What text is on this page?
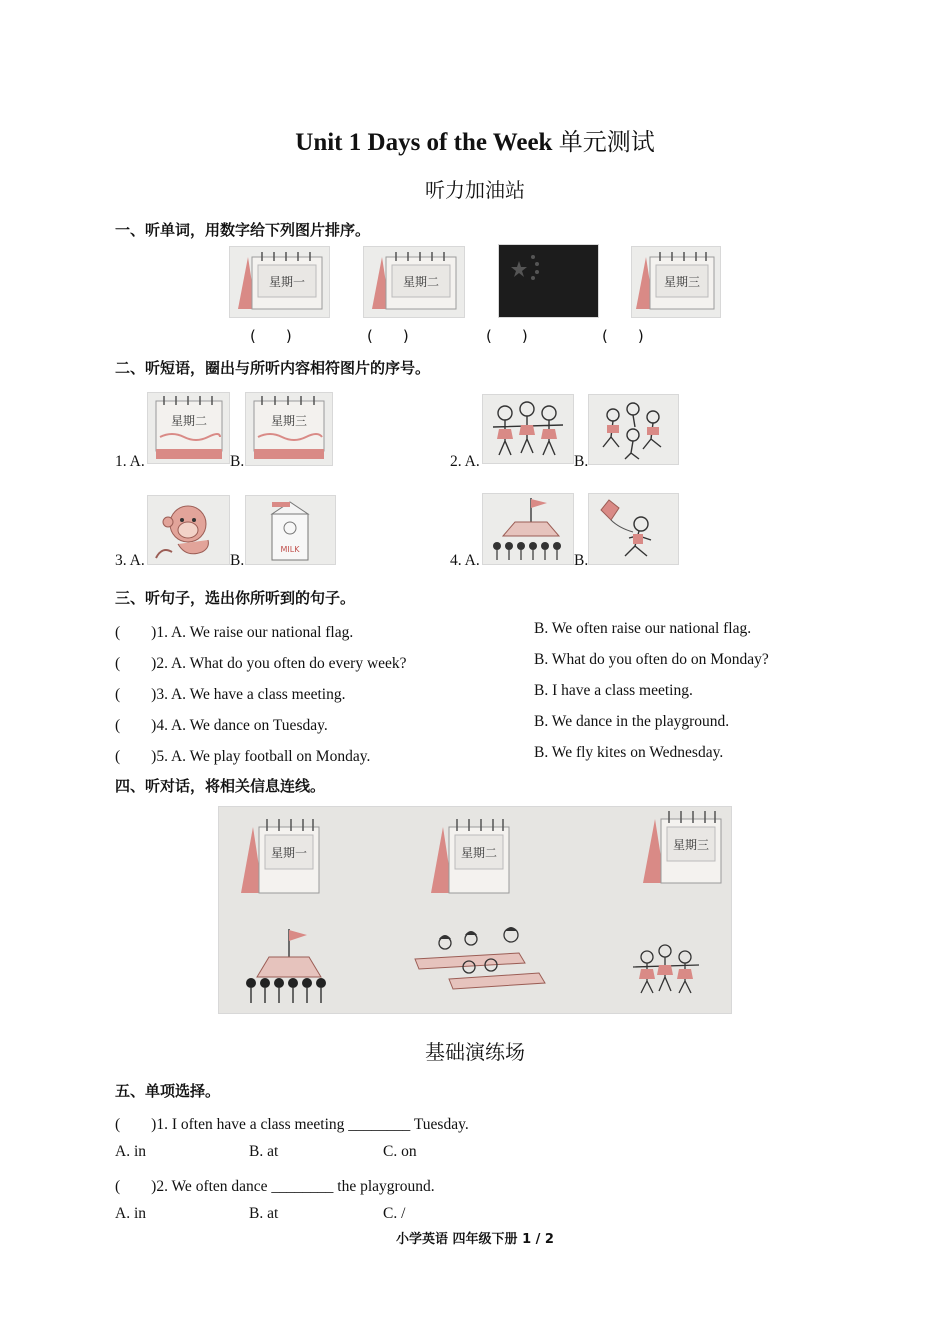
Unit 1 Days of the Week 单元测试
听力加油站
一、听单词，用数字给下列图片排序。
星期一	星期二	星期三
(　　)	(　　)	(　　)	(　　)
二、听短语，圈出与所听内容相符图片的序号。
1. A.
星期二
B.
星期三
2. A.	B.
3. A.	B.
MILK
4. A.	B.
三、听句子，选出你所听到的句子。
(　　)1. A. We raise our national flag.	B. We often raise our national flag.
(　　)2. A. What do you often do every week?	B. What do you often do on Monday?
(　　)3. A. We have a class meeting.	B. I have a class meeting.
(　　)4. A. We dance on Tuesday.	B. We dance in the playground.
(　　)5. A. We play football on Monday.	B. We fly kites on Wednesday.
四、听对话，将相关信息连线。
星期一	星期二
星期三
基础演练场
五、单项选择。
(　　)1. I often have a class meeting ________ Tuesday.
A. in	B. at	C. on
(　　)2. We often dance ________ the playground.
A. in	B. at	C. /
小学英语 四年级下册 1 / 2
